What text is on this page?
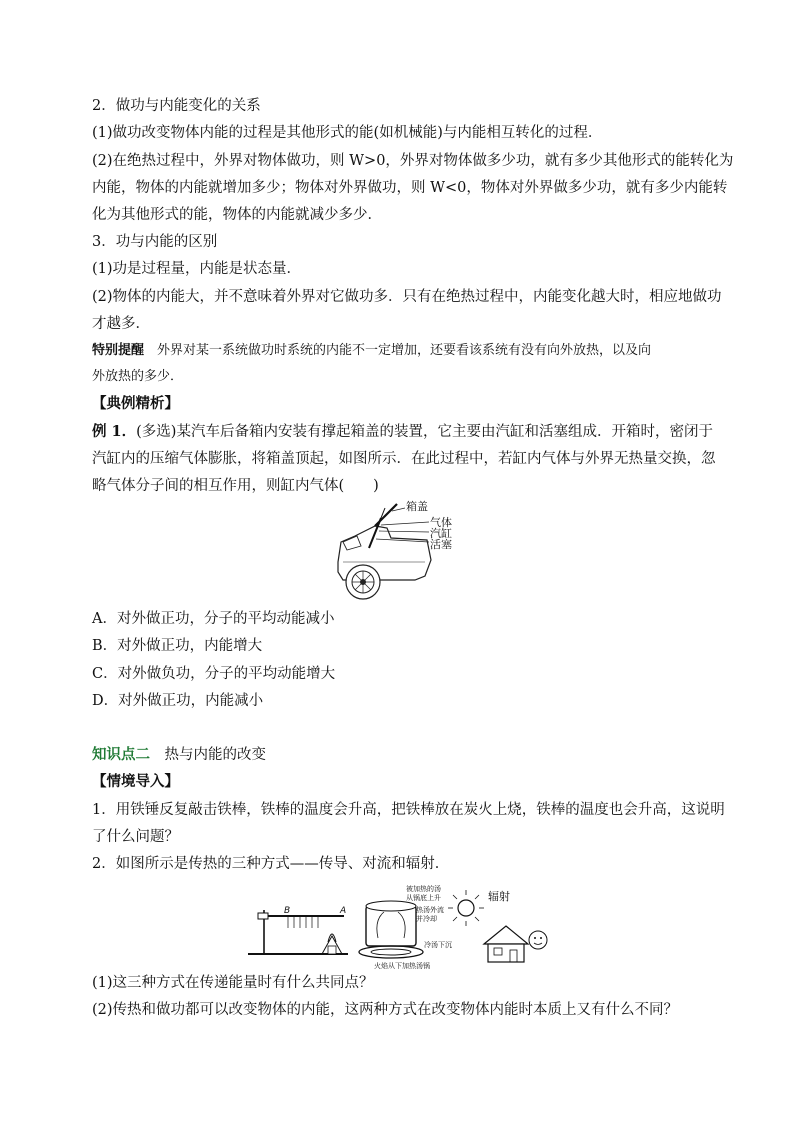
2．做功与内能变化的关系
(1)做功改变物体内能的过程是其他形式的能(如机械能)与内能相互转化的过程．
(2)在绝热过程中，外界对物体做功，则 W>0，外界对物体做多少功，就有多少其他形式的能转化为
内能，物体的内能就增加多少；物体对外界做功，则 W<0，物体对外界做多少功，就有多少内能转
化为其他形式的能，物体的内能就减少多少．
3．功与内能的区别
(1)功是过程量，内能是状态量．
(2)物体的内能大，并不意味着外界对它做功多．只有在绝热过程中，内能变化越大时，相应地做功
才越多．
特别提醒　外界对某一系统做功时系统的内能不一定增加，还要看该系统有没有向外放热，以及向
外放热的多少．
【典例精析】
例 1．(多选)某汽车后备箱内安装有撑起箱盖的装置，它主要由汽缸和活塞组成．开箱时，密闭于
汽缸内的压缩气体膨胀，将箱盖顶起，如图所示．在此过程中，若缸内气体与外界无热量交换，忽
略气体分子间的相互作用，则缸内气体(　　)
箱盖
气体
汽缸
活塞
A．对外做正功，分子的平均动能减小
B．对外做正功，内能增大
C．对外做负功，分子的平均动能增大
D．对外做正功，内能减小
知识点二　热与内能的改变
【情境导入】
1．用铁锤反复敲击铁棒，铁棒的温度会升高，把铁棒放在炭火上烧，铁棒的温度也会升高，这说明
了什么问题？
2．如图所示是传热的三种方式——传导、对流和辐射．
B	A
被加热的汤
从锅底上升
热汤外流
并冷却
冷汤下沉
火焰从下加热汤锅
辐射
(1)这三种方式在传递能量时有什么共同点？
(2)传热和做功都可以改变物体的内能，这两种方式在改变物体内能时本质上又有什么不同？
